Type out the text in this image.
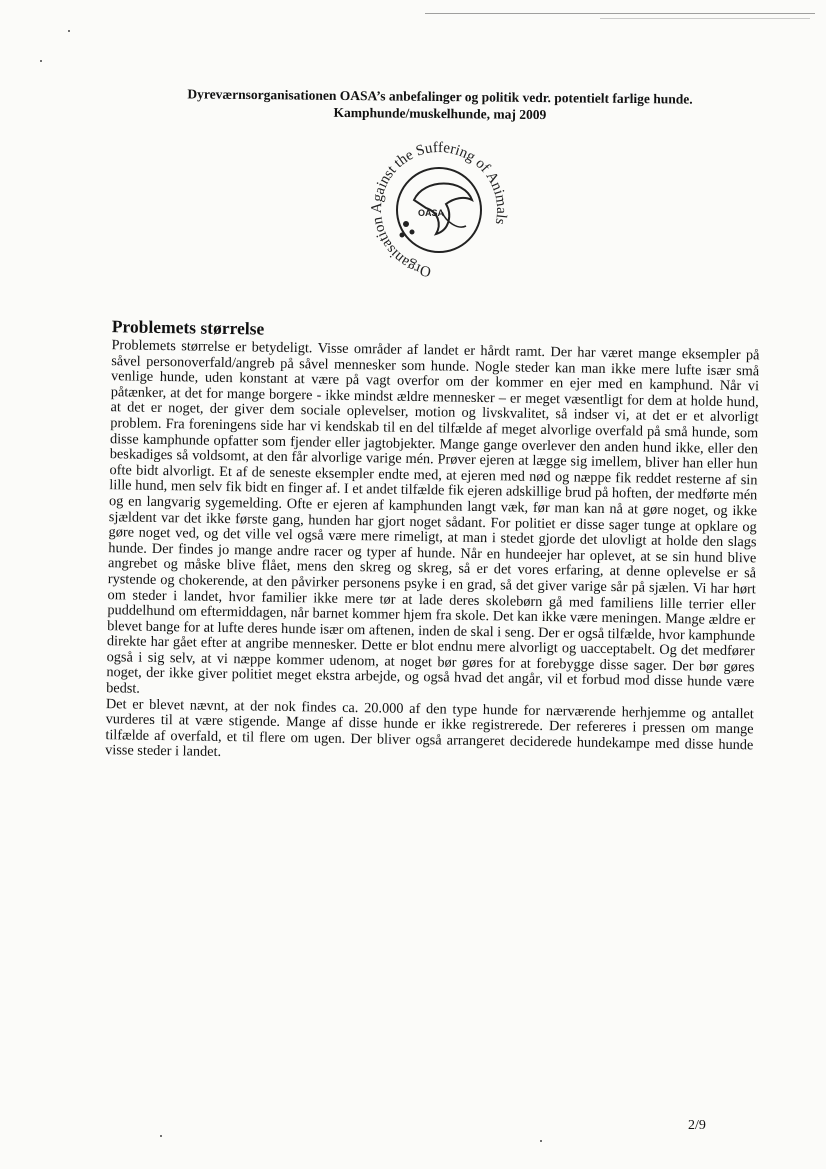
Dyreværnsorganisationen OASA’s anbefalinger og politik vedr. potentielt farlige hunde.
Kamphunde/muskelhunde, maj 2009
OASA
Organisation Against the Suffering of Animals
Problemets størrelse

Problemets størrelse er betydeligt. Visse områder af landet er hårdt ramt. Der har været mange eksempler på såvel personoverfald/angreb på såvel mennesker som hunde. Nogle steder kan man ikke mere lufte især små venlige hunde, uden konstant at være på vagt overfor om der kommer en ejer med en kamphund. Når vi påtænker, at det for mange borgere - ikke mindst ældre mennesker – er meget væsentligt for dem at holde hund, at det er noget, der giver dem sociale oplevelser, motion og livskvalitet, så indser vi, at det er et alvorligt problem. Fra foreningens side har vi kendskab til en del tilfælde af meget alvorlige overfald på små hunde, som disse kamphunde opfatter som fjender eller jagtobjekter. Mange gange overlever den anden hund ikke, eller den beskadiges så voldsomt, at den får alvorlige varige mén. Prøver ejeren at lægge sig imellem, bliver han eller hun ofte bidt alvorligt. Et af de seneste eksempler endte med, at ejeren med nød og næppe fik reddet resterne af sin lille hund, men selv fik bidt en finger af. I et andet tilfælde fik ejeren adskillige brud på hoften, der medførte mén og en langvarig sygemelding. Ofte er ejeren af kamphunden langt væk, før man kan nå at gøre noget, og ikke sjældent var det ikke første gang, hunden har gjort noget sådant. For politiet er disse sager tunge at opklare og gøre noget ved, og det ville vel også være mere rimeligt, at man i stedet gjorde det ulovligt at holde den slags hunde. Der findes jo mange andre racer og typer af hunde. Når en hundeejer har oplevet, at se sin hund blive angrebet og måske blive flået, mens den skreg og skreg, så er det vores erfaring, at denne oplevelse er så rystende og chokerende, at den påvirker personens psyke i en grad, så det giver varige sår på sjælen. Vi har hørt om steder i landet, hvor familier ikke mere tør at lade deres skolebørn gå med familiens lille terrier eller puddelhund om eftermiddagen, når barnet kommer hjem fra skole. Det kan ikke være meningen. Mange ældre er blevet bange for at lufte deres hunde især om aftenen, inden de skal i seng. Der er også tilfælde, hvor kamphunde direkte har gået efter at angribe mennesker. Dette er blot endnu mere alvorligt og uacceptabelt. Og det medfører også i sig selv, at vi næppe kommer udenom, at noget bør gøres for at forebygge disse sager. Der bør gøres noget, der ikke giver politiet meget ekstra arbejde, og også hvad det angår, vil et forbud mod disse hunde være bedst.

Det er blevet nævnt, at der nok findes ca. 20.000 af den type hunde for nærværende herhjemme og antallet vurderes til at være stigende. Mange af disse hunde er ikke registrerede. Der refereres i pressen om mange tilfælde af overfald, et til flere om ugen. Der bliver også arrangeret deciderede hundekampe med disse hunde visse steder i landet.

2/9
